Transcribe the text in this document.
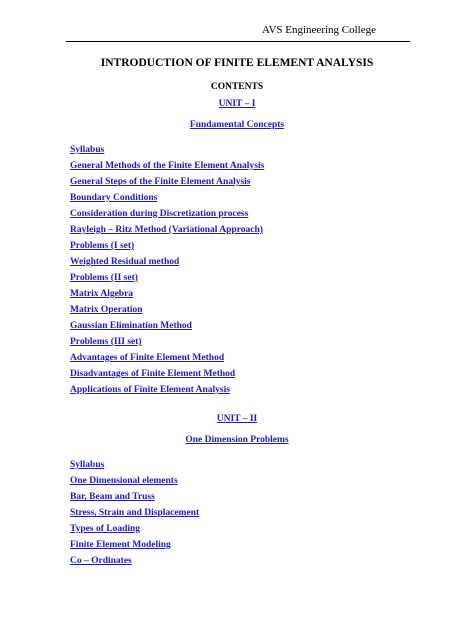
AVS Engineering College
INTRODUCTION OF FINITE ELEMENT ANALYSIS
CONTENTS
UNIT – I
Fundamental Concepts
Syllabus
General Methods of the Finite Element Analysis
General Steps of the Finite Element Analysis
Boundary Conditions
Consideration during Discretization process
Rayleigh – Ritz Method (Variational Approach)
Problems (I set)
Weighted Residual method
Problems (II set)
Matrix Algebra
Matrix Operation
Gaussian Elimination Method
Problems (III set)
Advantages of Finite Element Method
Disadvantages of Finite Element Method
Applications of Finite Element Analysis
UNIT – II
One Dimension Problems
Syllabus
One Dimensional elements
Bar, Beam and Truss
Stress, Strain and Displacement
Types of Loading
Finite Element Modeling
Co – Ordinates
